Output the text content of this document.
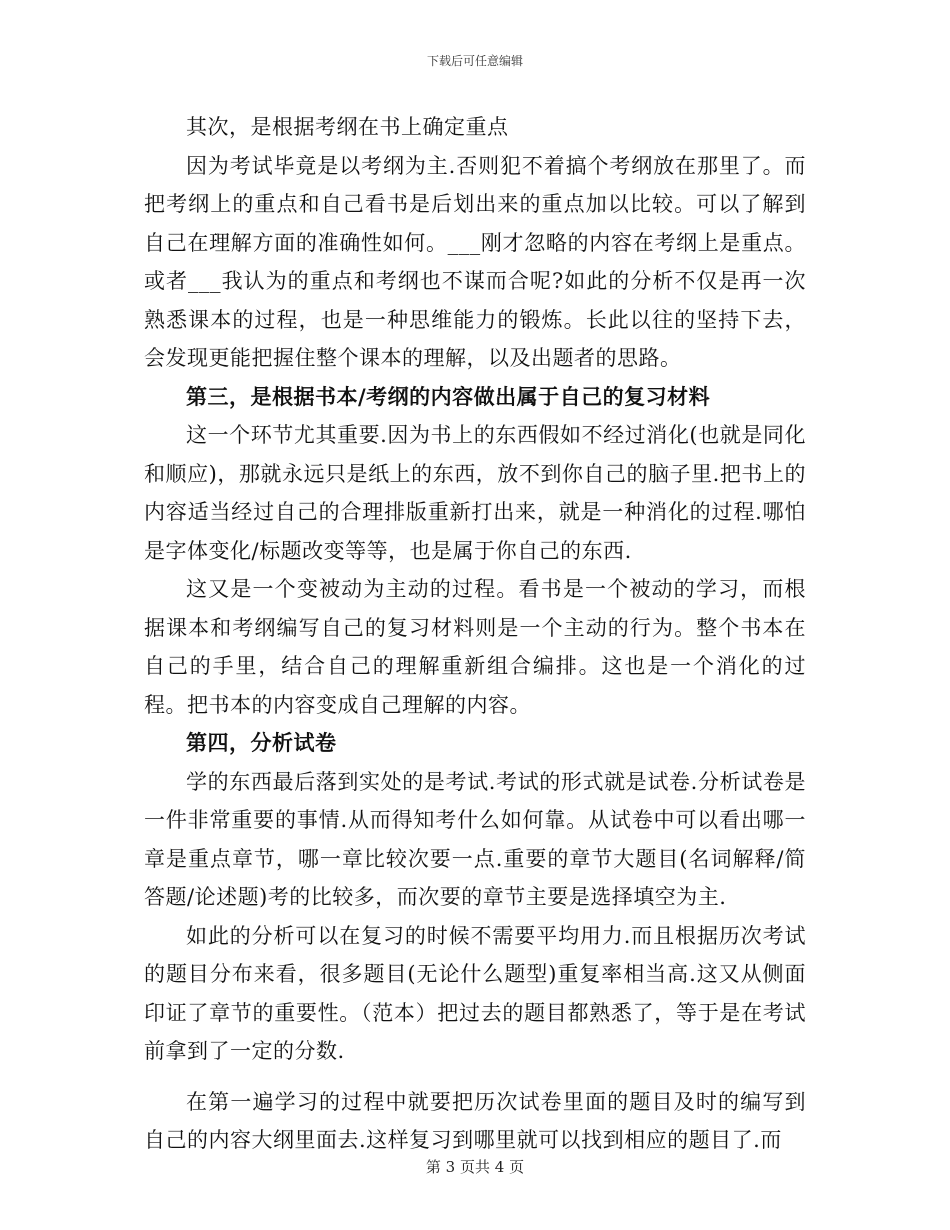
下载后可任意编辑

其次，是根据考纲在书上确定重点

因为考试毕竟是以考纲为主.否则犯不着搞个考纲放在那里了。而把考纲上的重点和自己看书是后划出来的重点加以比较。可以了解到自己在理解方面的准确性如何。___刚才忽略的内容在考纲上是重点。或者___我认为的重点和考纲也不谋而合呢?如此的分析不仅是再一次熟悉课本的过程，也是一种思维能力的锻炼。长此以往的坚持下去，会发现更能把握住整个课本的理解，以及出题者的思路。

第三，是根据书本/考纲的内容做出属于自己的复习材料

这一个环节尤其重要.因为书上的东西假如不经过消化(也就是同化和顺应)，那就永远只是纸上的东西，放不到你自己的脑子里.把书上的内容适当经过自己的合理排版重新打出来，就是一种消化的过程.哪怕是字体变化/标题改变等等，也是属于你自己的东西.

这又是一个变被动为主动的过程。看书是一个被动的学习，而根据课本和考纲编写自己的复习材料则是一个主动的行为。整个书本在自己的手里，结合自己的理解重新组合编排。这也是一个消化的过程。把书本的内容变成自己理解的内容。

第四，分析试卷

学的东西最后落到实处的是考试.考试的形式就是试卷.分析试卷是一件非常重要的事情.从而得知考什么如何靠。从试卷中可以看出哪一章是重点章节，哪一章比较次要一点.重要的章节大题目(名词解释/简答题/论述题)考的比较多，而次要的章节主要是选择填空为主.

如此的分析可以在复习的时候不需要平均用力.而且根据历次考试的题目分布来看，很多题目(无论什么题型)重复率相当高.这又从侧面印证了章节的重要性。（范本）把过去的题目都熟悉了，等于是在考试前拿到了一定的分数.

在第一遍学习的过程中就要把历次试卷里面的题目及时的编写到自己的内容大纲里面去.这样复习到哪里就可以找到相应的题目了.而

第 3 页共 4 页
